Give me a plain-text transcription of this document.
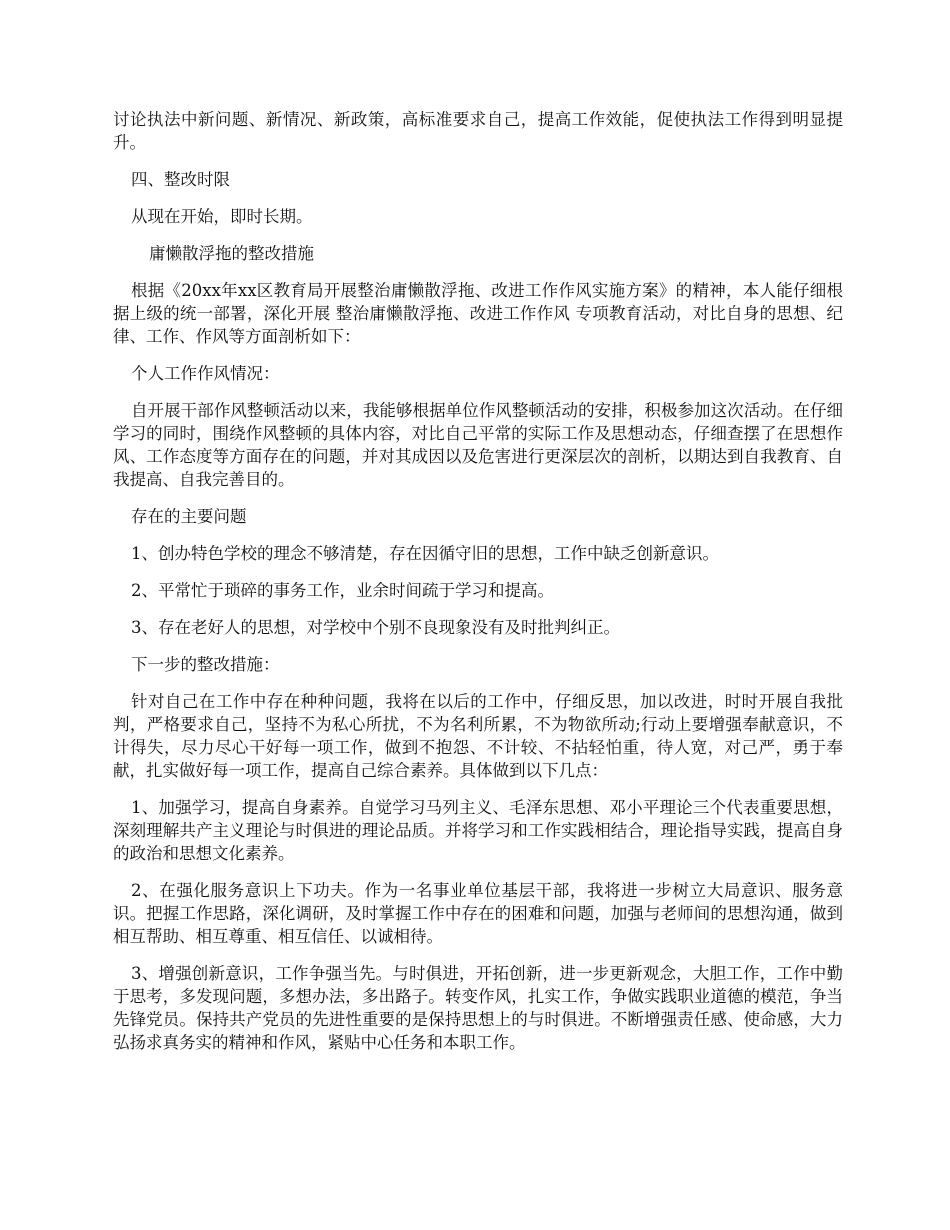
讨论执法中新问题、新情况、新政策，高标准要求自己，提高工作效能，促使执法工作得到明显提升。

四、整改时限

从现在开始，即时长期。

庸懒散浮拖的整改措施

根据《20xx年xx区教育局开展整治庸懒散浮拖、改进工作作风实施方案》的精神，本人能仔细根据上级的统一部署，深化开展 整治庸懒散浮拖、改进工作作风 专项教育活动，对比自身的思想、纪律、工作、作风等方面剖析如下：

个人工作作风情况：

自开展干部作风整顿活动以来，我能够根据单位作风整顿活动的安排，积极参加这次活动。在仔细学习的同时，围绕作风整顿的具体内容，对比自己平常的实际工作及思想动态，仔细查摆了在思想作风、工作态度等方面存在的问题，并对其成因以及危害进行更深层次的剖析，以期达到自我教育、自我提高、自我完善目的。

存在的主要问题

1、创办特色学校的理念不够清楚，存在因循守旧的思想，工作中缺乏创新意识。

2、平常忙于琐碎的事务工作，业余时间疏于学习和提高。

3、存在老好人的思想，对学校中个别不良现象没有及时批判纠正。

下一步的整改措施：

针对自己在工作中存在种种问题，我将在以后的工作中，仔细反思，加以改进，时时开展自我批判，严格要求自己，坚持不为私心所扰，不为名利所累，不为物欲所动;行动上要增强奉献意识，不计得失，尽力尽心干好每一项工作，做到不抱怨、不计较、不拈轻怕重，待人宽，对己严，勇于奉献，扎实做好每一项工作，提高自己综合素养。具体做到以下几点：

1、加强学习，提高自身素养。自觉学习马列主义、毛泽东思想、邓小平理论三个代表重要思想，深刻理解共产主义理论与时俱进的理论品质。并将学习和工作实践相结合，理论指导实践，提高自身的政治和思想文化素养。

2、在强化服务意识上下功夫。作为一名事业单位基层干部，我将进一步树立大局意识、服务意识。把握工作思路，深化调研，及时掌握工作中存在的困难和问题，加强与老师间的思想沟通，做到相互帮助、相互尊重、相互信任、以诚相待。

3、增强创新意识，工作争强当先。与时俱进，开拓创新，进一步更新观念，大胆工作，工作中勤于思考，多发现问题，多想办法，多出路子。转变作风，扎实工作，争做实践职业道德的模范，争当先锋党员。保持共产党员的先进性重要的是保持思想上的与时俱进。不断增强责任感、使命感，大力弘扬求真务实的精神和作风，紧贴中心任务和本职工作。
